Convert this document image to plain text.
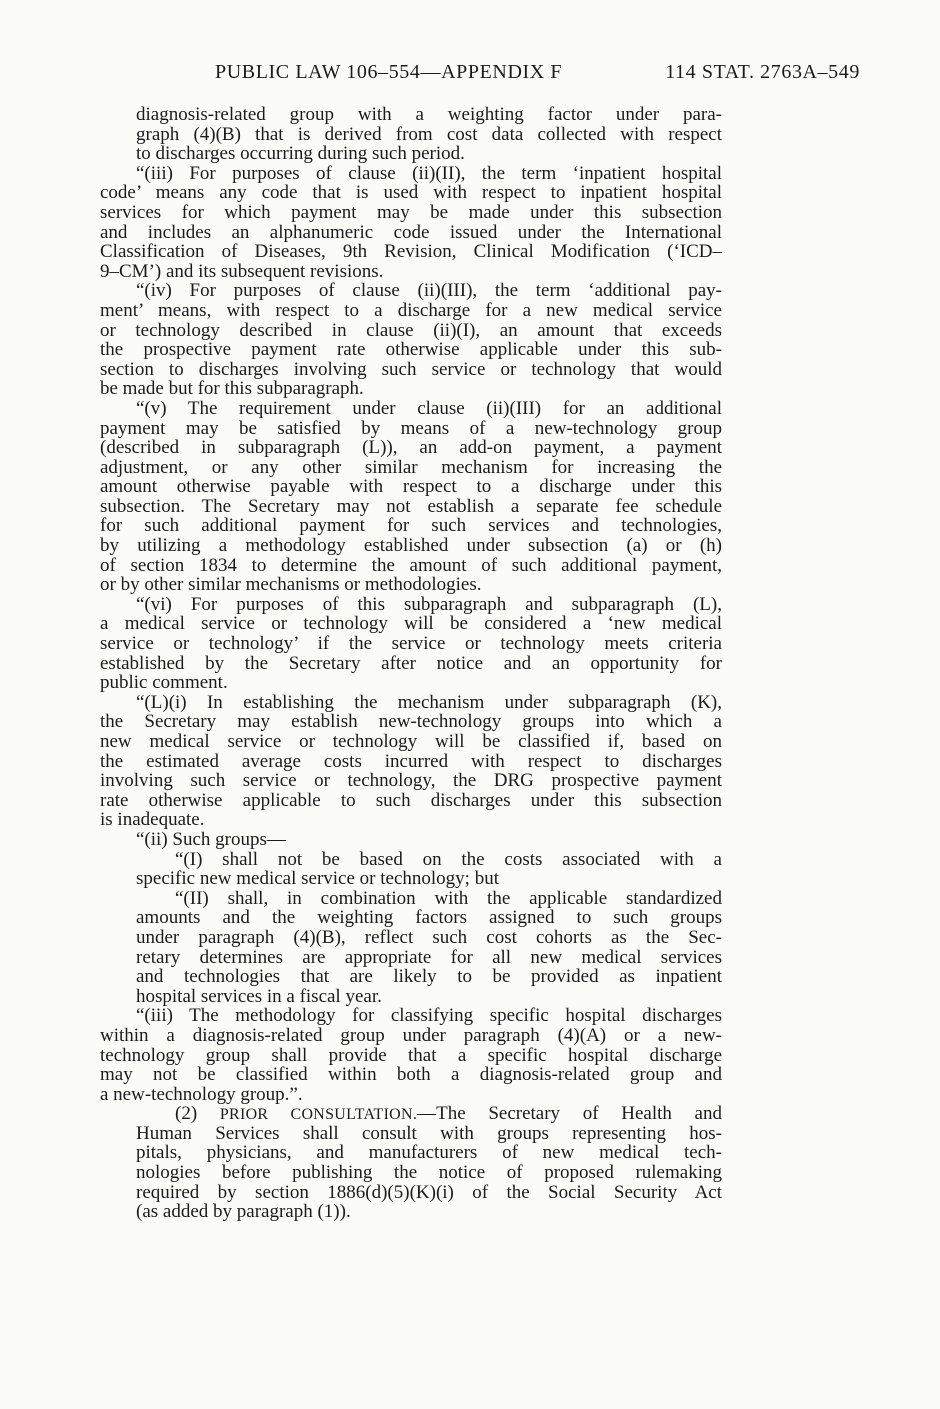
PUBLIC LAW 106–554—APPENDIX F	114 STAT. 2763A–549
diagnosis-related group with a weighting factor under para-
graph (4)(B) that is derived from cost data collected with respect
to discharges occurring during such period.
“(iii) For purposes of clause (ii)(II), the term ‘inpatient hospital
code’ means any code that is used with respect to inpatient hospital
services for which payment may be made under this subsection
and includes an alphanumeric code issued under the International
Classification of Diseases, 9th Revision, Clinical Modification (‘ICD–
9–CM’) and its subsequent revisions.
“(iv) For purposes of clause (ii)(III), the term ‘additional pay-
ment’ means, with respect to a discharge for a new medical service
or technology described in clause (ii)(I), an amount that exceeds
the prospective payment rate otherwise applicable under this sub-
section to discharges involving such service or technology that would
be made but for this subparagraph.
“(v) The requirement under clause (ii)(III) for an additional
payment may be satisfied by means of a new-technology group
(described in subparagraph (L)), an add-on payment, a payment
adjustment, or any other similar mechanism for increasing the
amount otherwise payable with respect to a discharge under this
subsection. The Secretary may not establish a separate fee schedule
for such additional payment for such services and technologies,
by utilizing a methodology established under subsection (a) or (h)
of section 1834 to determine the amount of such additional payment,
or by other similar mechanisms or methodologies.
“(vi) For purposes of this subparagraph and subparagraph (L),
a medical service or technology will be considered a ‘new medical
service or technology’ if the service or technology meets criteria
established by the Secretary after notice and an opportunity for
public comment.
“(L)(i) In establishing the mechanism under subparagraph (K),
the Secretary may establish new-technology groups into which a
new medical service or technology will be classified if, based on
the estimated average costs incurred with respect to discharges
involving such service or technology, the DRG prospective payment
rate otherwise applicable to such discharges under this subsection
is inadequate.
“(ii) Such groups—
“(I) shall not be based on the costs associated with a
specific new medical service or technology; but
“(II) shall, in combination with the applicable standardized
amounts and the weighting factors assigned to such groups
under paragraph (4)(B), reflect such cost cohorts as the Sec-
retary determines are appropriate for all new medical services
and technologies that are likely to be provided as inpatient
hospital services in a fiscal year.
“(iii) The methodology for classifying specific hospital discharges
within a diagnosis-related group under paragraph (4)(A) or a new-
technology group shall provide that a specific hospital discharge
may not be classified within both a diagnosis-related group and
a new-technology group.”.
(2) PRIOR CONSULTATION.—The Secretary of Health and
Human Services shall consult with groups representing hos-
pitals, physicians, and manufacturers of new medical tech-
nologies before publishing the notice of proposed rulemaking
required by section 1886(d)(5)(K)(i) of the Social Security Act
(as added by paragraph (1)).
